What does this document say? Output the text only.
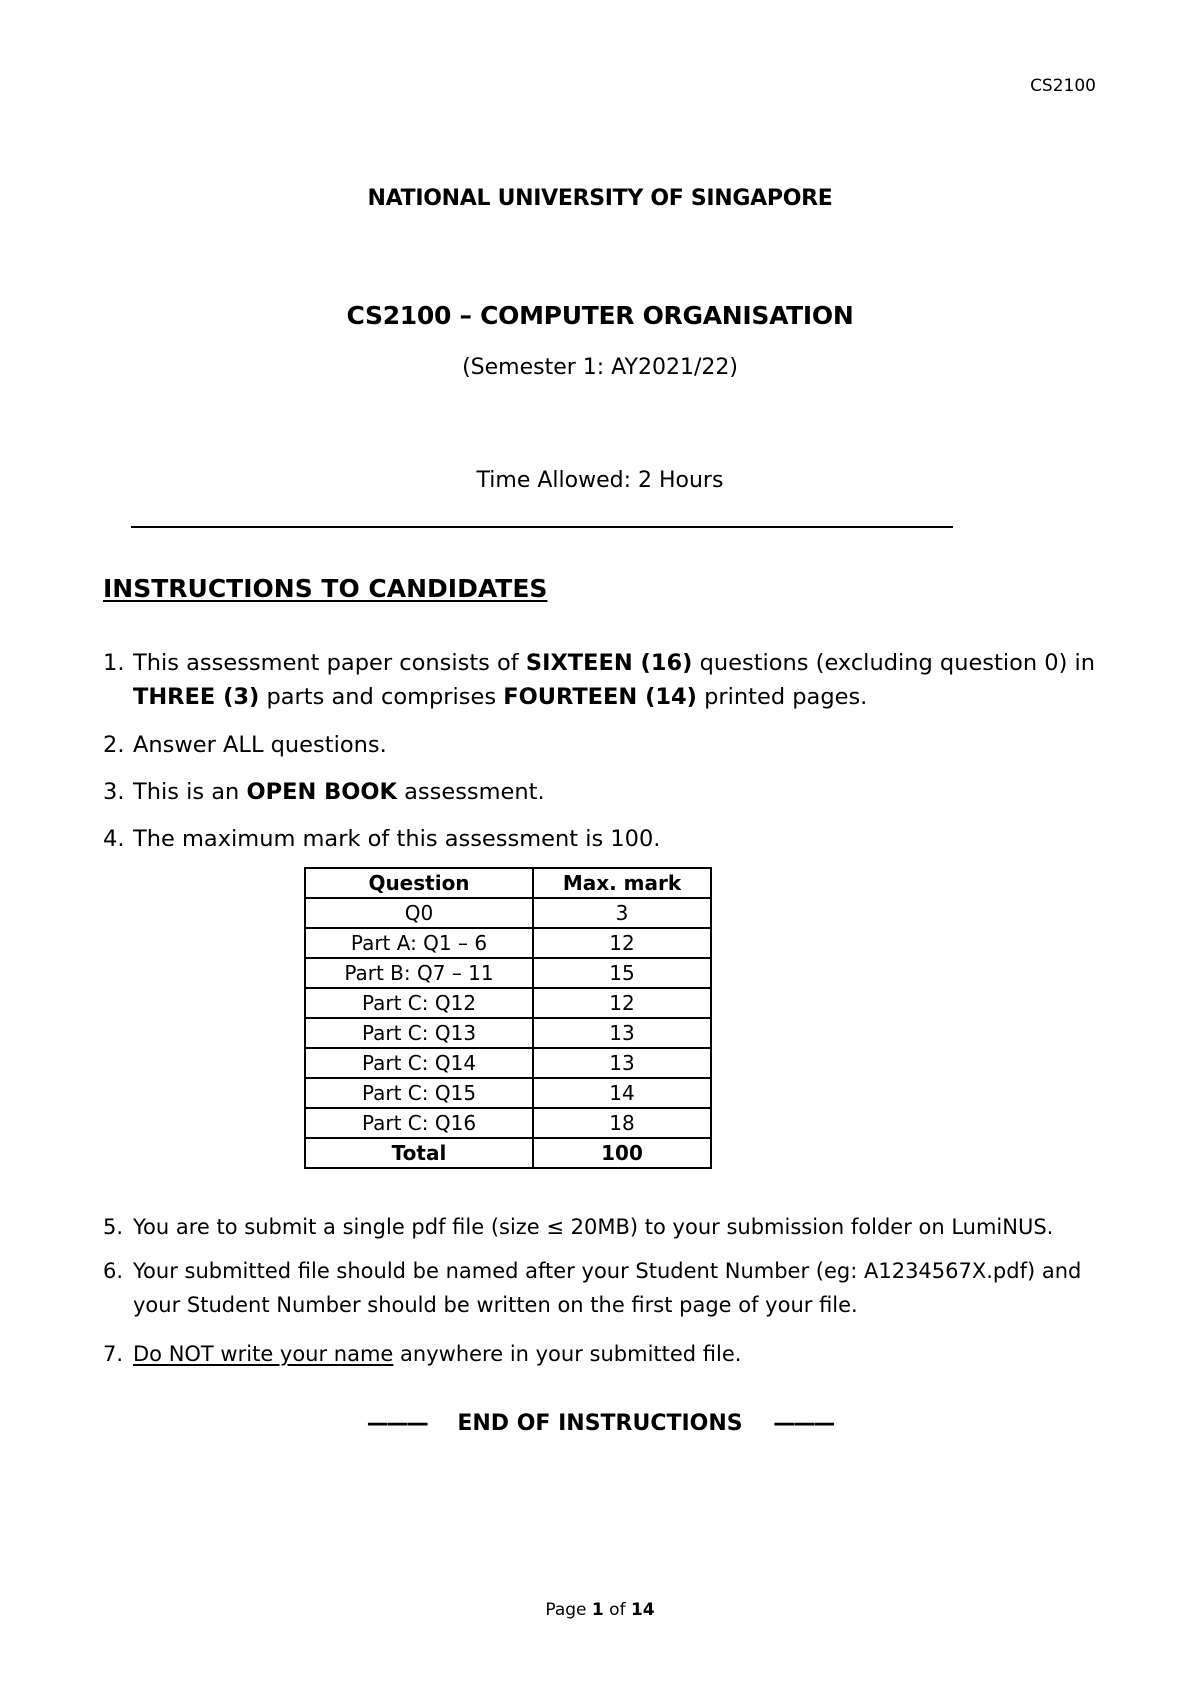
CS2100
NATIONAL UNIVERSITY OF SINGAPORE
CS2100 – COMPUTER ORGANISATION
(Semester 1: AY2021/22)
Time Allowed: 2 Hours
INSTRUCTIONS TO CANDIDATES
1. This assessment paper consists of SIXTEEN (16) questions (excluding question 0) in THREE (3) parts and comprises FOURTEEN (14) printed pages.
2. Answer ALL questions.
3. This is an OPEN BOOK assessment.
4. The maximum mark of this assessment is 100.
Question	Max. mark
Q0	3
Part A: Q1 – 6	12
Part B: Q7 – 11	15
Part C: Q12	12
Part C: Q13	13
Part C: Q14	13
Part C: Q15	14
Part C: Q16	18
Total	100
5. You are to submit a single pdf file (size ≤ 20MB) to your submission folder on LumiNUS.
6. Your submitted file should be named after your Student Number (eg: A1234567X.pdf) and your Student Number should be written on the first page of your file.
7. Do NOT write your name anywhere in your submitted file.
——— END OF INSTRUCTIONS ———
Page 1 of 14
